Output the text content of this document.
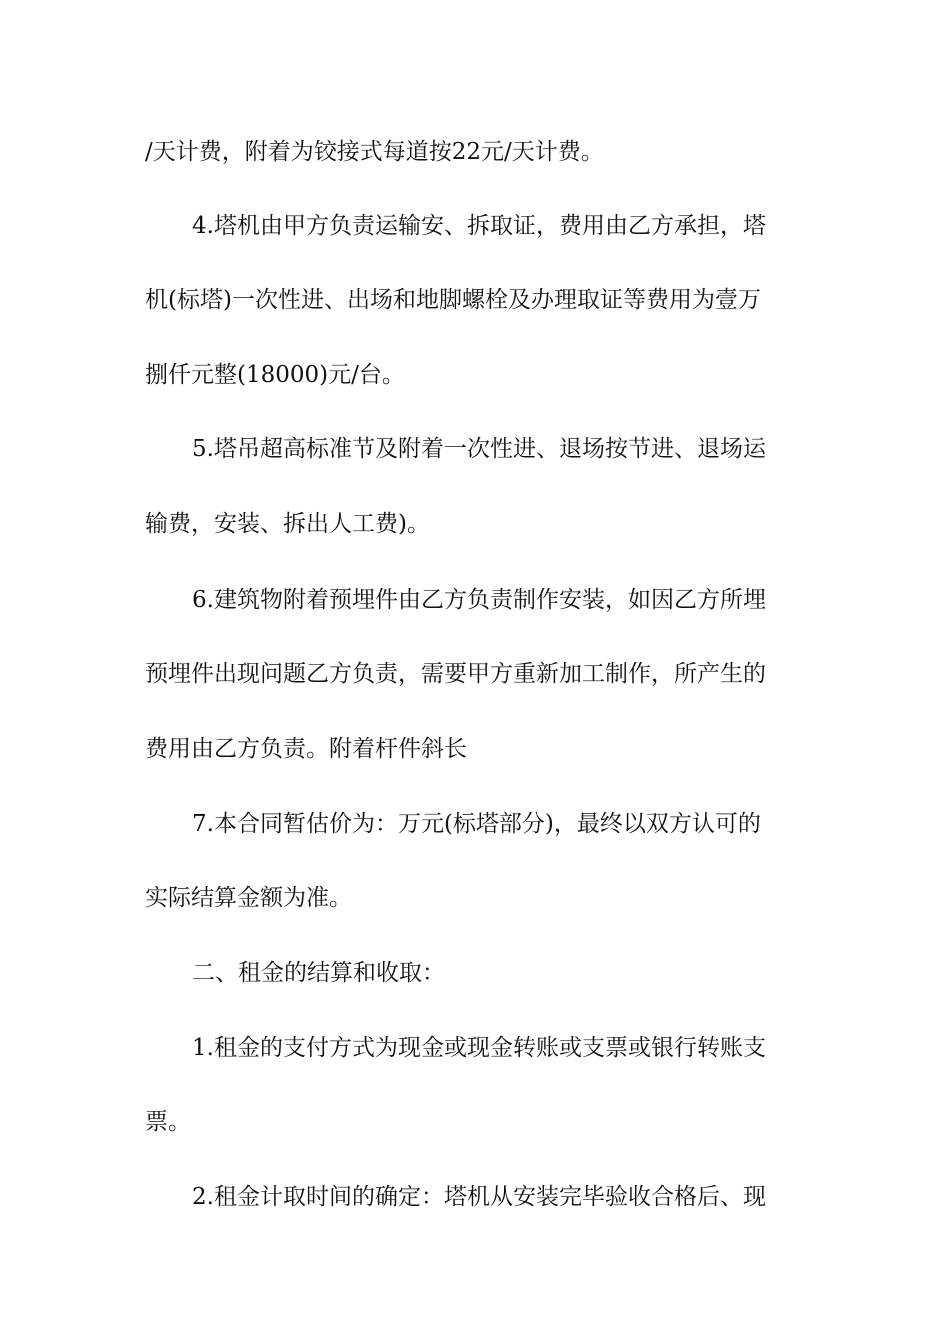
/天计费，附着为铰接式每道按22元/天计费。
4.塔机由甲方负责运输安、拆取证，费用由乙方承担，塔
机(标塔)一次性进、出场和地脚螺栓及办理取证等费用为壹万
捌仟元整(18000)元/台。
5.塔吊超高标准节及附着一次性进、退场按节进、退场运
输费，安装、拆出人工费)。
6.建筑物附着预埋件由乙方负责制作安装，如因乙方所埋
预埋件出现问题乙方负责，需要甲方重新加工制作，所产生的
费用由乙方负责。附着杆件斜长
7.本合同暂估价为：万元(标塔部分)，最终以双方认可的
实际结算金额为准。
二、租金的结算和收取：
1.租金的支付方式为现金或现金转账或支票或银行转账支
票。
2.租金计取时间的确定：塔机从安装完毕验收合格后、现
